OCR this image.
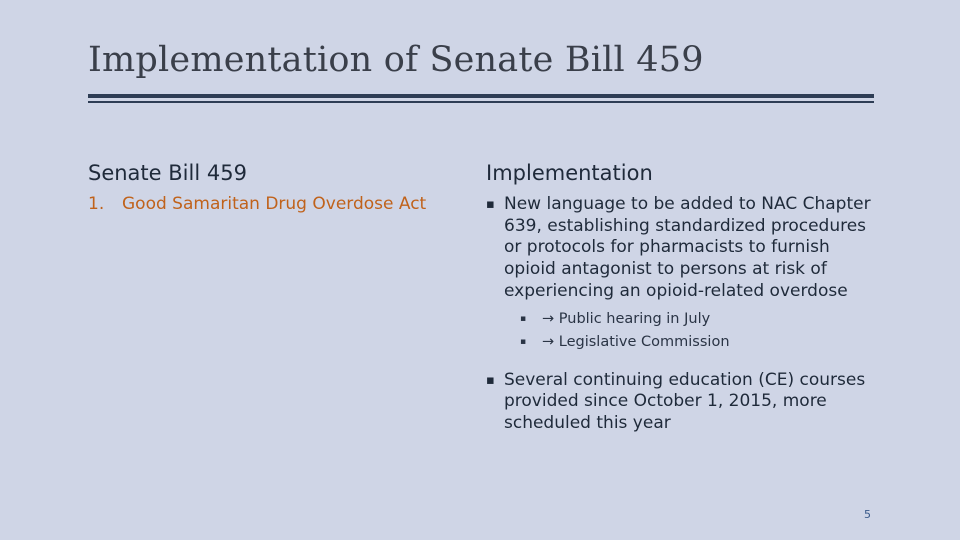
Implementation of Senate Bill 459
Senate Bill 459	Implementation
1. Good Samaritan Drug Overdose Act	▪ New language to be added to NAC Chapter 639, establishing standardized procedures or protocols for pharmacists to furnish opioid antagonist to persons at risk of experiencing an opioid-related overdose
▪ → Public hearing in July
▪ → Legislative Commission
▪ Several continuing education (CE) courses provided since October 1, 2015, more scheduled this year
5
